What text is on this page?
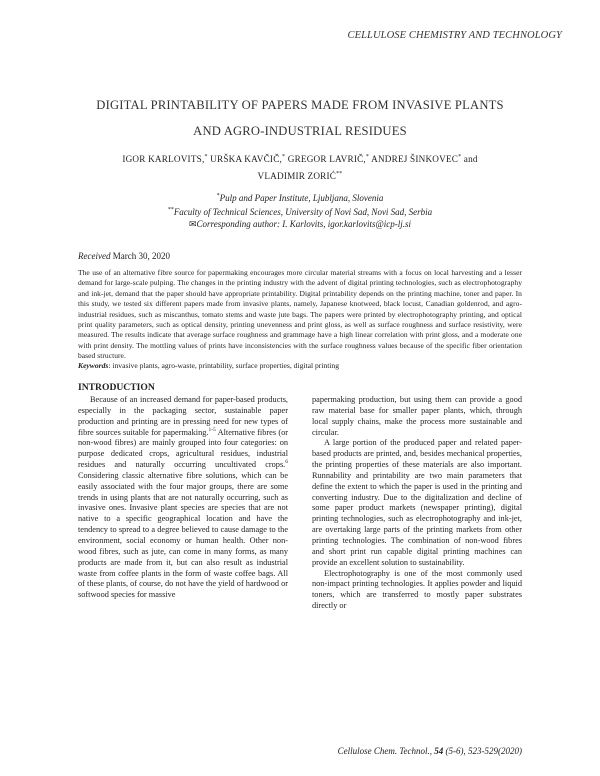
CELLULOSE CHEMISTRY AND TECHNOLOGY
DIGITAL PRINTABILITY OF PAPERS MADE FROM INVASIVE PLANTS
AND AGRO-INDUSTRIAL RESIDUES
IGOR KARLOVITS,* URŠKA KAVČIČ,* GREGOR LAVRIČ,* ANDREJ ŠINKOVEC* and
VLADIMIR ZORIĆ**
*Pulp and Paper Institute, Ljubljana, Slovenia
**Faculty of Technical Sciences, University of Novi Sad, Novi Sad, Serbia
✉Corresponding author: I. Karlovits, igor.karlovits@icp-lj.si
Received March 30, 2020
The use of an alternative fibre source for papermaking encourages more circular material streams with a focus on local harvesting and a lesser demand for large-scale pulping. The changes in the printing industry with the advent of digital printing technologies, such as electrophotography and ink-jet, demand that the paper should have appropriate printability. Digital printability depends on the printing machine, toner and paper. In this study, we tested six different papers made from invasive plants, namely, Japanese knotweed, black locust, Canadian goldenrod, and agro-industrial residues, such as miscanthus, tomato stems and waste jute bags. The papers were printed by electrophotography printing, and optical print quality parameters, such as optical density, printing unevenness and print gloss, as well as surface roughness and surface resistivity, were measured. The results indicate that average surface roughness and grammage have a high linear correlation with print gloss, and a moderate one with print density. The mottling values of prints have inconsistencies with the surface roughness values because of the specific fiber orientation based structure.
Keywords: invasive plants, agro-waste, printability, surface properties, digital printing
INTRODUCTION

Because of an increased demand for paper-based products, especially in the packaging sector, sustainable paper production and printing are in pressing need for new types of fibre sources suitable for papermaking.$^{1-5}$ Alternative fibres (or non-wood fibres) are mainly grouped into four categories: on purpose dedicated crops, agricultural residues, industrial residues and naturally occurring uncultivated crops.$^6$ Considering classic alternative fibre solutions, which can be easily associated with the four major groups, there are some trends in using plants that are not naturally occurring, such as invasive ones. Invasive plant species are species that are not native to a specific geographical location and have the tendency to spread to a degree believed to cause damage to the environment, social economy or human health. Other non-wood fibres, such as jute, can come in many forms, as many products are made from it, but can also result as industrial waste from coffee plants in the form of waste coffee bags. All of these plants, of course, do not have the yield of hardwood or softwood species for massive

papermaking production, but using them can provide a good raw material base for smaller paper plants, which, through local supply chains, make the process more sustainable and circular.

A large portion of the produced paper and related paper-based products are printed, and, besides mechanical properties, the printing properties of these materials are also important. Runnability and printability are two main parameters that define the extent to which the paper is used in the printing and converting industry. Due to the digitalization and decline of some paper product markets (newspaper printing), digital printing technologies, such as electrophotography and ink-jet, are overtaking large parts of the printing markets from other printing technologies. The combination of non-wood fibres and short print run capable digital printing machines can provide an excellent solution to sustainability.

Electrophotography is one of the most commonly used non-impact printing technologies. It applies powder and liquid toners, which are transferred to mostly paper substrates directly or

Cellulose Chem. Technol., 54 (5-6), 523-529(2020)
